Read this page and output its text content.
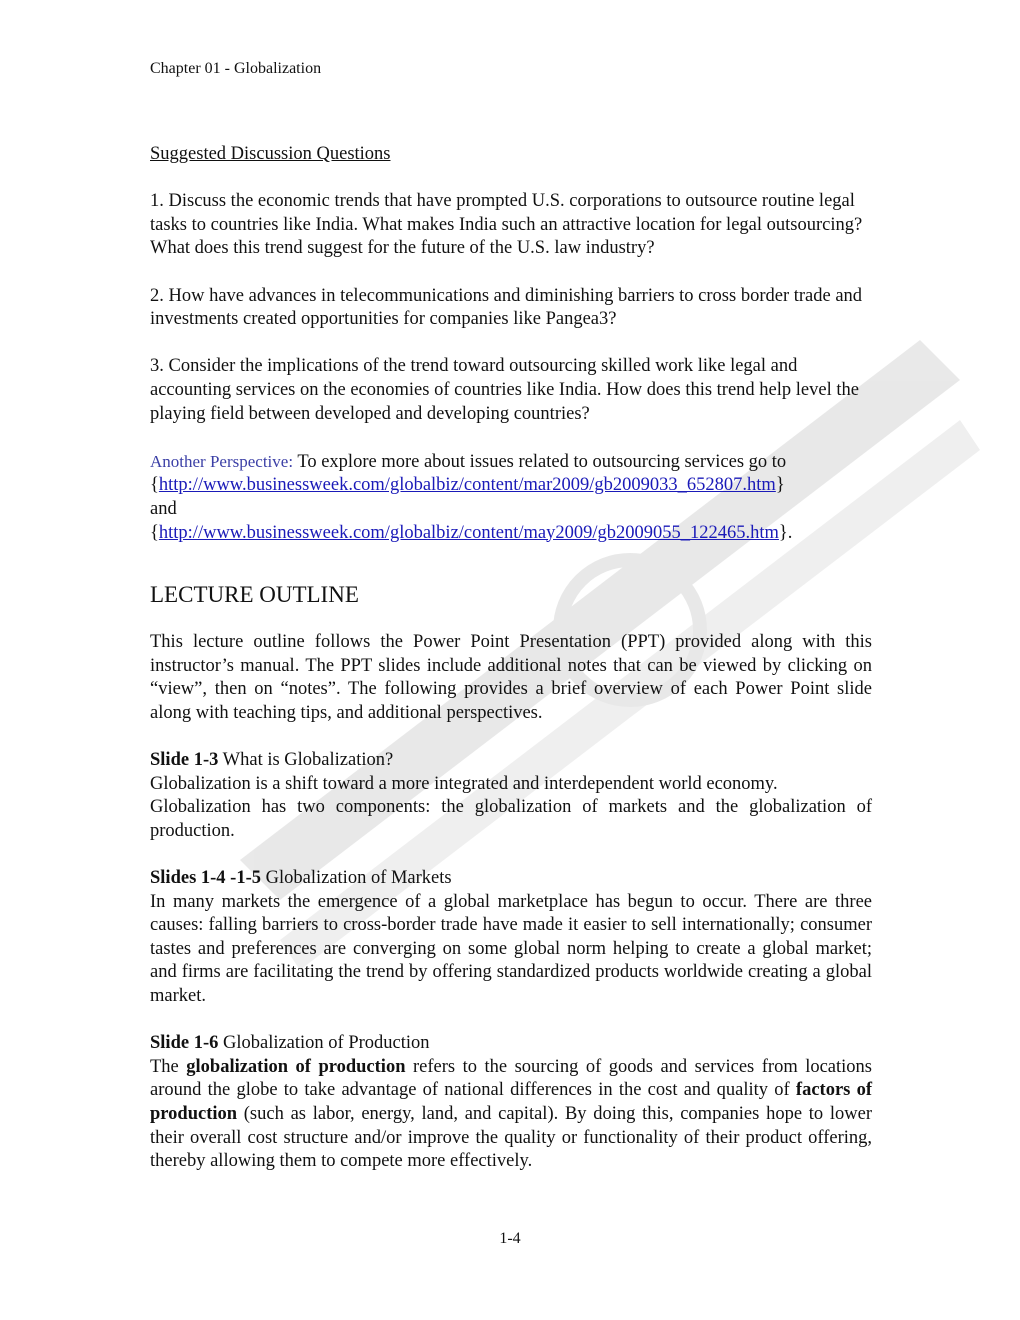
Chapter 01 - Globalization
Suggested Discussion Questions

1. Discuss the economic trends that have prompted U.S. corporations to outsource routine legal tasks to countries like India. What makes India such an attractive location for legal outsourcing? What does this trend suggest for the future of the U.S. law industry?

2. How have advances in telecommunications and diminishing barriers to cross border trade and investments created opportunities for companies like Pangea3?

3. Consider the implications of the trend toward outsourcing skilled work like legal and accounting services on the economies of countries like India. How does this trend help level the playing field between developed and developing countries?

Another Perspective: To explore more about issues related to outsourcing services go to
{http://www.businessweek.com/globalbiz/content/mar2009/gb2009033_652807.htm}
and
{http://www.businessweek.com/globalbiz/content/may2009/gb2009055_122465.htm}.
LECTURE OUTLINE

This lecture outline follows the Power Point Presentation (PPT) provided along with this instructor’s manual. The PPT slides include additional notes that can be viewed by clicking on “view”, then on “notes”. The following provides a brief overview of each Power Point slide along with teaching tips, and additional perspectives.

Slide 1-3 What is Globalization?
Globalization is a shift toward a more integrated and interdependent world economy.
Globalization has two components: the globalization of markets and the globalization of production.
Slides 1-4 -1-5 Globalization of Markets
In many markets the emergence of a global marketplace has begun to occur. There are three causes: falling barriers to cross-border trade have made it easier to sell internationally; consumer tastes and preferences are converging on some global norm helping to create a global market; and firms are facilitating the trend by offering standardized products worldwide creating a global market.
Slide 1-6 Globalization of Production
The globalization of production refers to the sourcing of goods and services from locations around the globe to take advantage of national differences in the cost and quality of factors of production (such as labor, energy, land, and capital). By doing this, companies hope to lower their overall cost structure and/or improve the quality or functionality of their product offering, thereby allowing them to compete more effectively.
1-4
